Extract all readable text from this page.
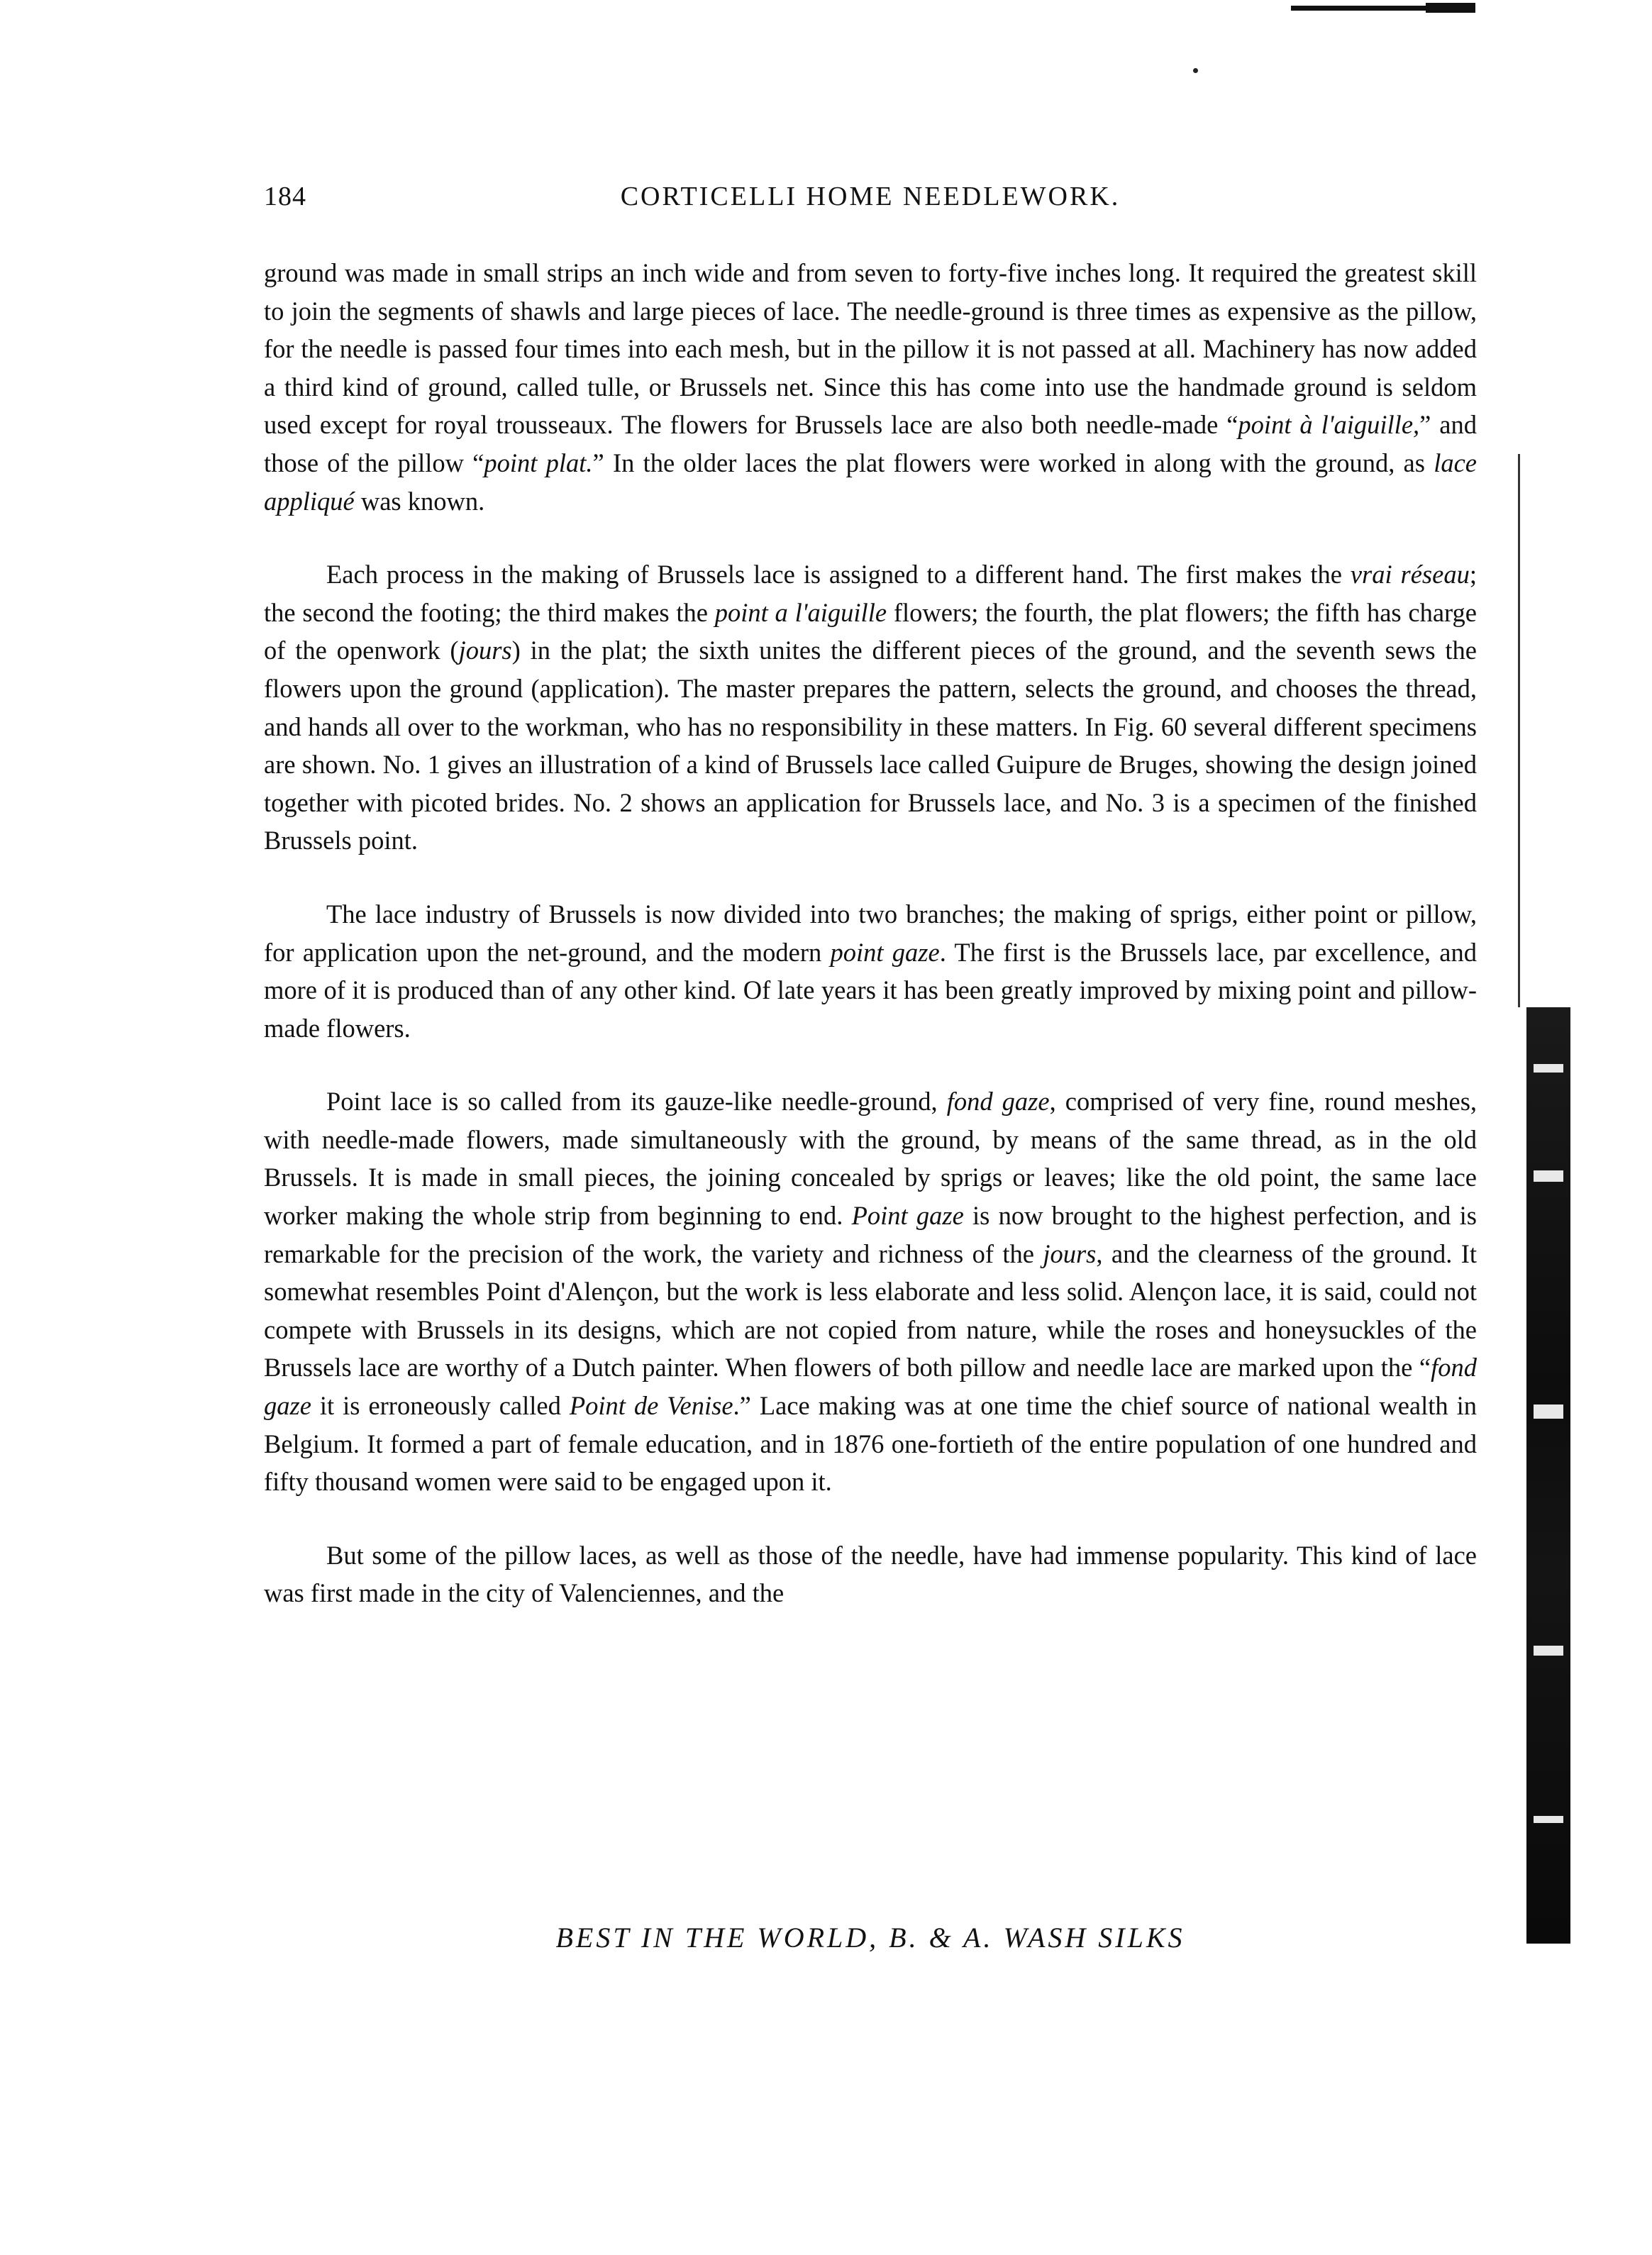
184	CORTICELLI HOME NEEDLEWORK.

ground was made in small strips an inch wide and from seven to forty-five inches long. It required the greatest skill to join the segments of shawls and large pieces of lace. The needle-ground is three times as expensive as the pillow, for the needle is passed four times into each mesh, but in the pillow it is not passed at all. Machinery has now added a third kind of ground, called tulle, or Brussels net. Since this has come into use the handmade ground is seldom used except for royal trousseaux. The flowers for Brussels lace are also both needle-made “point à l'aiguille,” and those of the pillow “point plat.” In the older laces the plat flowers were worked in along with the ground, as lace appliqué was known.

Each process in the making of Brussels lace is assigned to a different hand. The first makes the vrai réseau; the second the footing; the third makes the point a l'aiguille flowers; the fourth, the plat flowers; the fifth has charge of the openwork (jours) in the plat; the sixth unites the different pieces of the ground, and the seventh sews the flowers upon the ground (application). The master prepares the pattern, selects the ground, and chooses the thread, and hands all over to the workman, who has no responsibility in these matters. In Fig. 60 several different specimens are shown. No. 1 gives an illustration of a kind of Brussels lace called Guipure de Bruges, showing the design joined together with picoted brides. No. 2 shows an application for Brussels lace, and No. 3 is a specimen of the finished Brussels point.

The lace industry of Brussels is now divided into two branches; the making of sprigs, either point or pillow, for application upon the net-ground, and the modern point gaze. The first is the Brussels lace, par excellence, and more of it is produced than of any other kind. Of late years it has been greatly improved by mixing point and pillow-made flowers.

Point lace is so called from its gauze-like needle-ground, fond gaze, comprised of very fine, round meshes, with needle-made flowers, made simultaneously with the ground, by means of the same thread, as in the old Brussels. It is made in small pieces, the joining concealed by sprigs or leaves; like the old point, the same lace worker making the whole strip from beginning to end. Point gaze is now brought to the highest perfection, and is remarkable for the precision of the work, the variety and richness of the jours, and the clearness of the ground. It somewhat resembles Point d'Alençon, but the work is less elaborate and less solid. Alençon lace, it is said, could not compete with Brussels in its designs, which are not copied from nature, while the roses and honeysuckles of the Brussels lace are worthy of a Dutch painter. When flowers of both pillow and needle lace are marked upon the “fond gaze it is erroneously called Point de Venise.” Lace making was at one time the chief source of national wealth in Belgium. It formed a part of female education, and in 1876 one-fortieth of the entire population of one hundred and fifty thousand women were said to be engaged upon it.

But some of the pillow laces, as well as those of the needle, have had immense popularity. This kind of lace was first made in the city of Valenciennes, and the

BEST IN THE WORLD, B. & A. WASH SILKS
